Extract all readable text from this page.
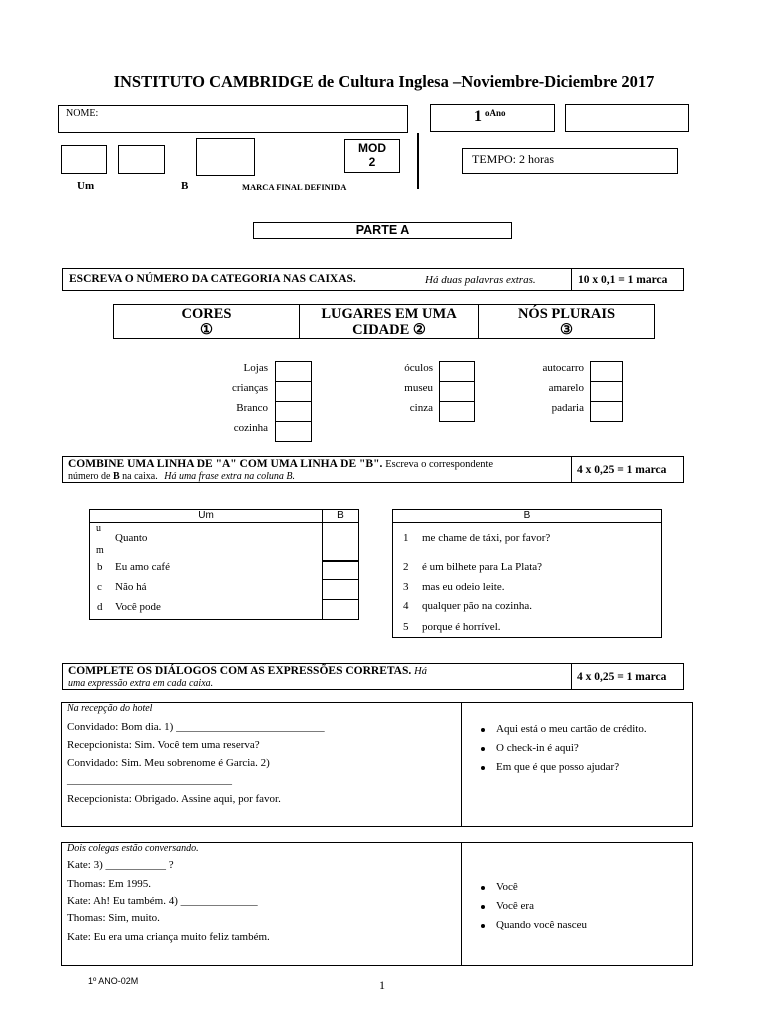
INSTITUTO CAMBRIDGE de Cultura Inglesa –Noviembre-Diciembre 2017
NOME:	1 oAno
MOD
2	TEMPO: 2 horas
Um	B	MARCA FINAL DEFINIDA
PARTE A
ESCREVA O NÚMERO DA CATEGORIA NAS CAIXAS.	Há duas palavras extras.	10 x 0,1 = 1 marca
CORES
①
LUGARES EM UMA
CIDADE ②
NÓS PLURAIS
③
Lojas
crianças
Branco
cozinha
óculos
museu
cinza
autocarro
amarelo
padaria
COMBINE UMA LINHA DE "A" COM UMA LINHA DE "B". Escreva o correspondente
número de B na caixa. Há uma frase extra na coluna B.
4 x 0,25 = 1 marca
Um	B
u

m
Quanto
b Eu amo café
c Não há
d Você pode
B
1 me chame de táxi, por favor?
2 é um bilhete para La Plata?
3 mas eu odeio leite.
4 qualquer pão na cozinha.
5 porque é horrível.
COMPLETE OS DIÁLOGOS COM AS EXPRESSÕES CORRETAS. Há
uma expressão extra em cada caixa.
4 x 0,25 = 1 marca
Na recepção do hotel
Convidado: Bom dia. 1) ___________________________
Recepcionista: Sim. Você tem uma reserva?
Convidado: Sim. Meu sobrenome é Garcia. 2)
______________________________
Recepcionista: Obrigado. Assine aqui, por favor.
Aqui está o meu cartão de crédito.
O check-in é aqui?
Em que é que posso ajudar?
Dois colegas estão conversando.
Kate: 3) ___________ ?
Thomas: Em 1995.
Kate: Ah! Eu também. 4) ______________
Thomas: Sim, muito.
Kate: Eu era uma criança muito feliz também.
Você
Você era
Quando você nasceu
1º ANO-02M	1
